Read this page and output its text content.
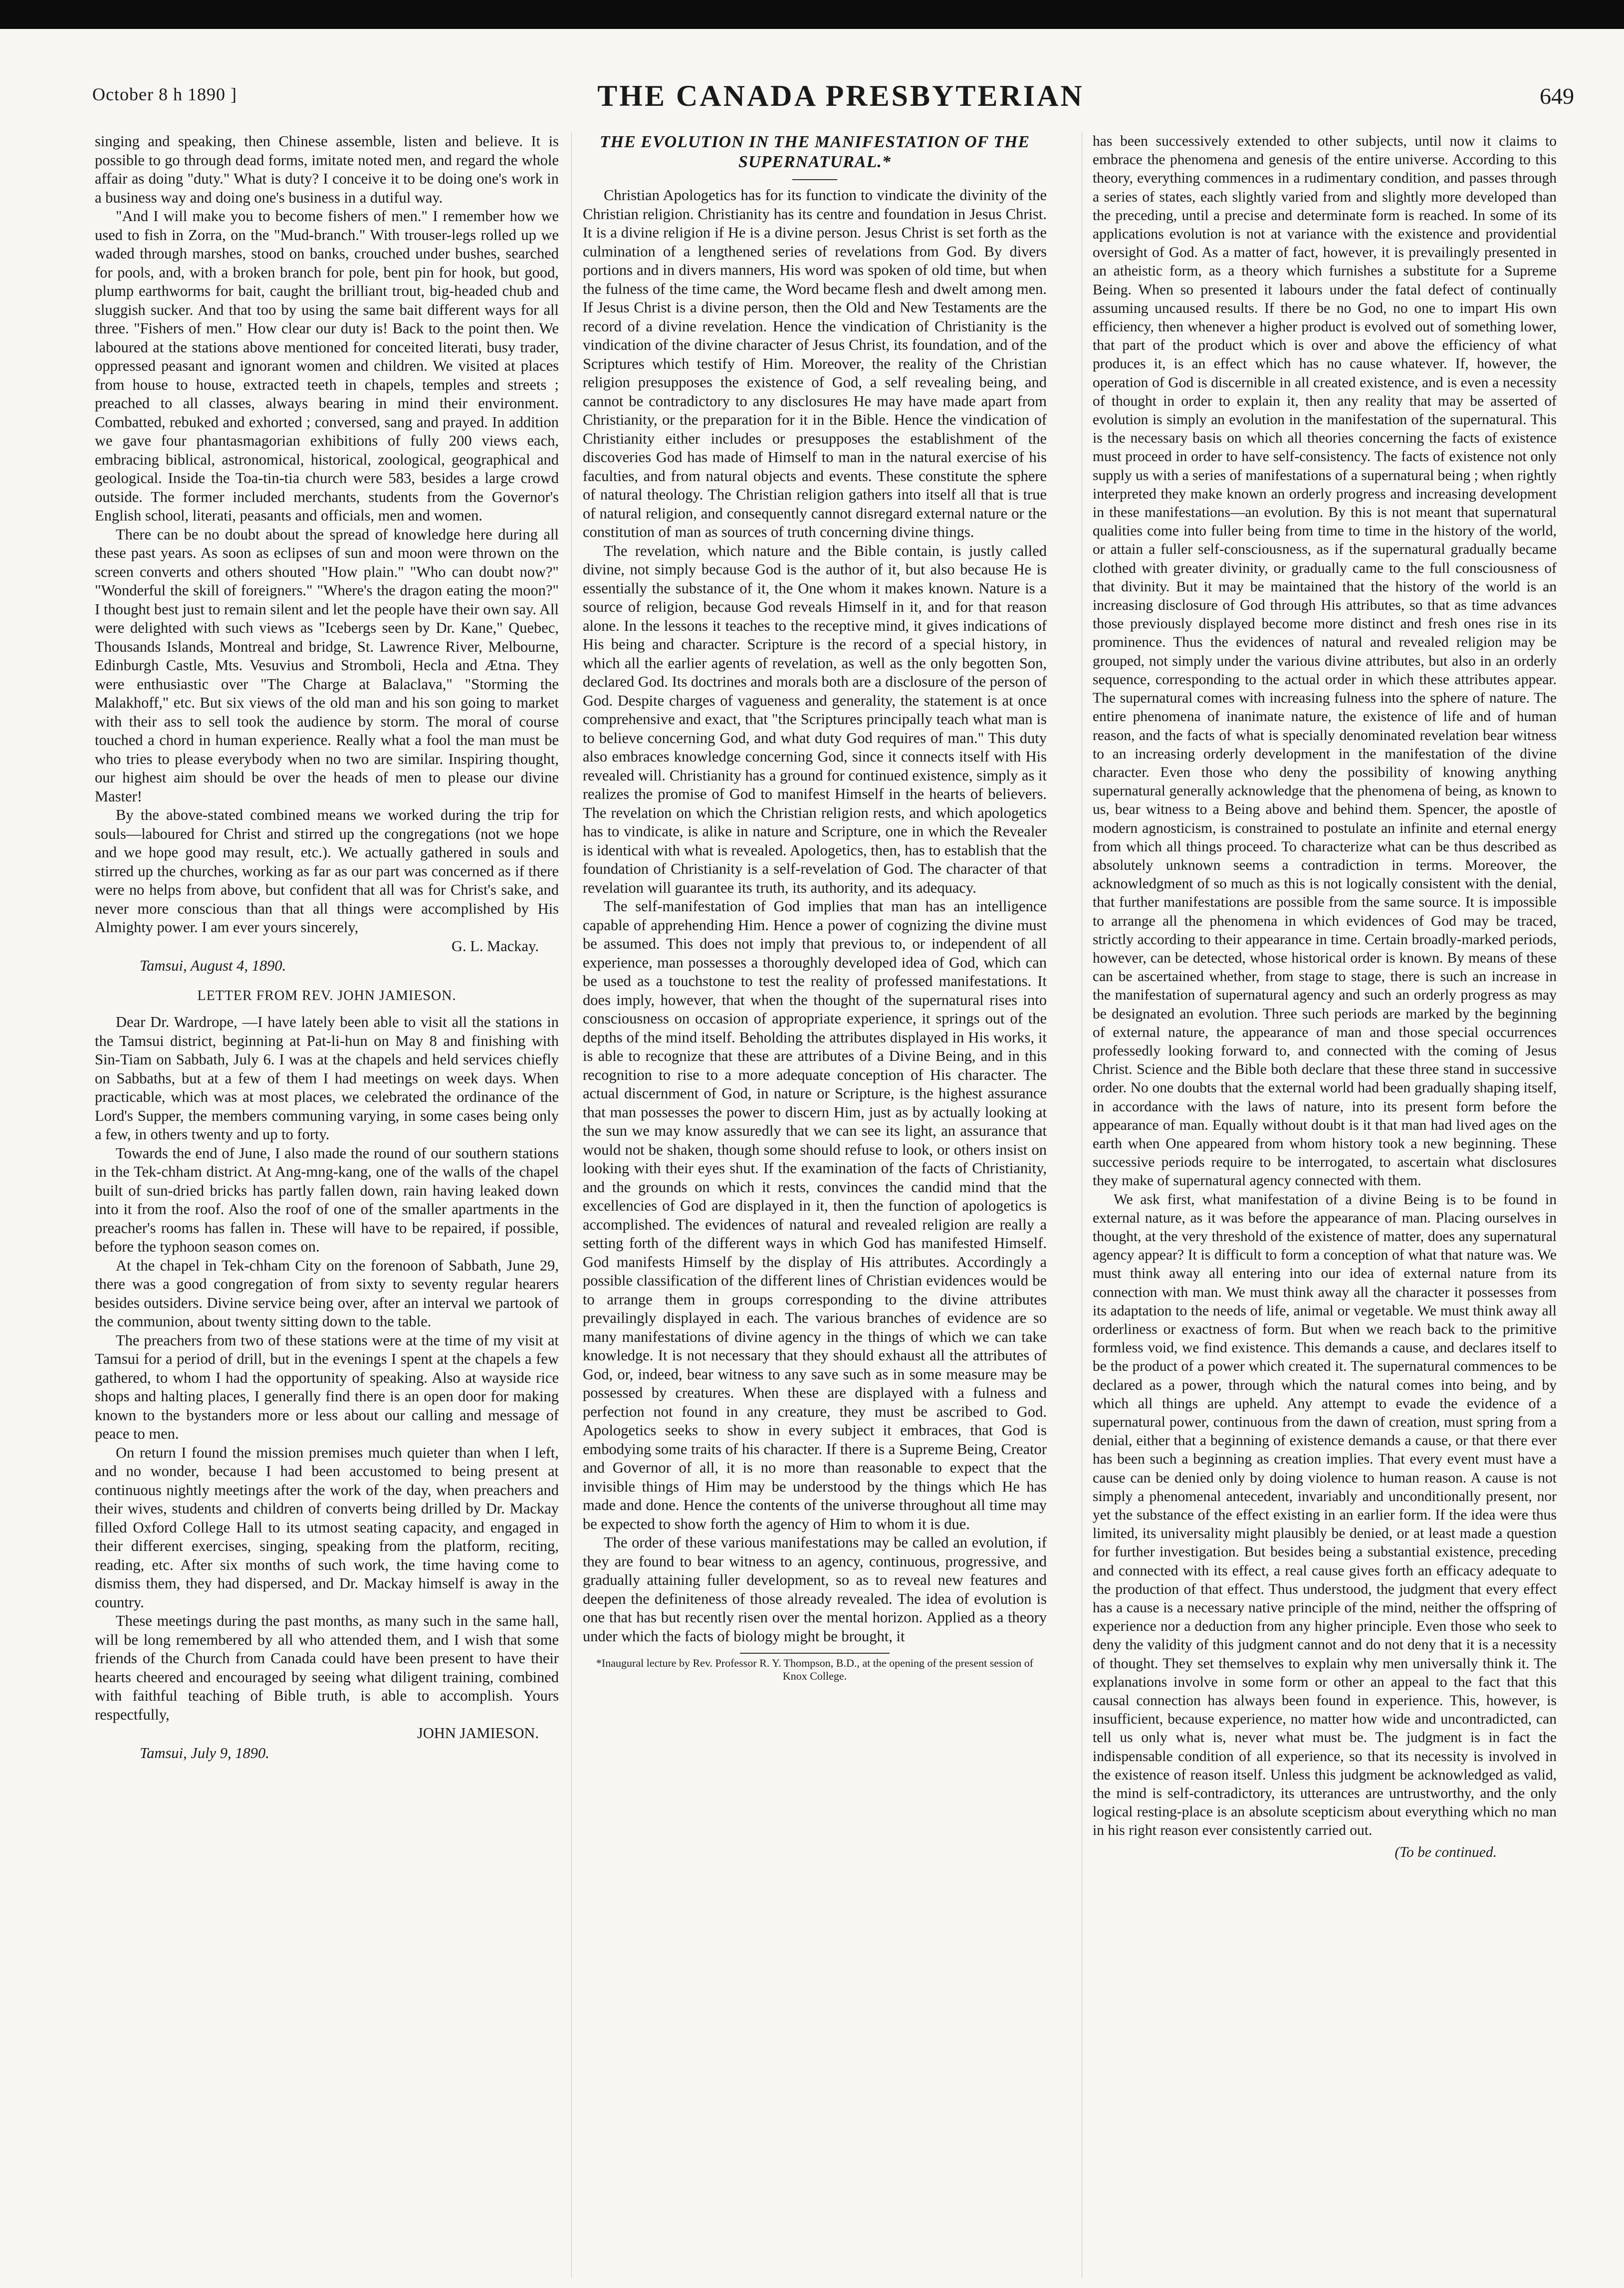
October 8 h 1890 ]	THE CANADA PRESBYTERIAN	649

singing and speaking, then Chinese assemble, listen and believe. It is possible to go through dead forms, imitate noted men, and regard the whole affair as doing "duty." What is duty? I conceive it to be doing one's work in a business way and doing one's business in a dutiful way.

"And I will make you to become fishers of men." I remember how we used to fish in Zorra, on the "Mud-branch." With trouser-legs rolled up we waded through marshes, stood on banks, crouched under bushes, searched for pools, and, with a broken branch for pole, bent pin for hook, but good, plump earthworms for bait, caught the brilliant trout, big-headed chub and sluggish sucker. And that too by using the same bait different ways for all three. "Fishers of men." How clear our duty is! Back to the point then. We laboured at the stations above mentioned for conceited literati, busy trader, oppressed peasant and ignorant women and children. We visited at places from house to house, extracted teeth in chapels, temples and streets ; preached to all classes, always bearing in mind their environment. Combatted, rebuked and exhorted ; conversed, sang and prayed. In addition we gave four phantasmagorian exhibitions of fully 200 views each, embracing biblical, astronomical, historical, zoological, geographical and geological. Inside the Toa-tin-tia church were 583, besides a large crowd outside. The former included merchants, students from the Governor's English school, literati, peasants and officials, men and women.

There can be no doubt about the spread of knowledge here during all these past years. As soon as eclipses of sun and moon were thrown on the screen converts and others shouted "How plain." "Who can doubt now?" "Wonderful the skill of foreigners." "Where's the dragon eating the moon?" I thought best just to remain silent and let the people have their own say. All were delighted with such views as "Icebergs seen by Dr. Kane," Quebec, Thousands Islands, Montreal and bridge, St. Lawrence River, Melbourne, Edinburgh Castle, Mts. Vesuvius and Stromboli, Hecla and Ætna. They were enthusiastic over "The Charge at Balaclava," "Storming the Malakhoff," etc. But six views of the old man and his son going to market with their ass to sell took the audience by storm. The moral of course touched a chord in human experience. Really what a fool the man must be who tries to please everybody when no two are similar. Inspiring thought, our highest aim should be over the heads of men to please our divine Master!

By the above-stated combined means we worked during the trip for souls—laboured for Christ and stirred up the congregations (not we hope and we hope good may result, etc.). We actually gathered in souls and stirred up the churches, working as far as our part was concerned as if there were no helps from above, but confident that all was for Christ's sake, and never more conscious than that all things were accomplished by His Almighty power. I am ever yours sincerely,

G. L. Mackay.

Tamsui, August 4, 1890.

LETTER FROM REV. JOHN JAMIESON.

Dear Dr. Wardrope, —I have lately been able to visit all the stations in the Tamsui district, beginning at Pat-li-hun on May 8 and finishing with Sin-Tiam on Sabbath, July 6. I was at the chapels and held services chiefly on Sabbaths, but at a few of them I had meetings on week days. When practicable, which was at most places, we celebrated the ordinance of the Lord's Supper, the members communing varying, in some cases being only a few, in others twenty and up to forty.

Towards the end of June, I also made the round of our southern stations in the Tek-chham district. At Ang-mng-kang, one of the walls of the chapel built of sun-dried bricks has partly fallen down, rain having leaked down into it from the roof. Also the roof of one of the smaller apartments in the preacher's rooms has fallen in. These will have to be repaired, if possible, before the typhoon season comes on.

At the chapel in Tek-chham City on the forenoon of Sabbath, June 29, there was a good congregation of from sixty to seventy regular hearers besides outsiders. Divine service being over, after an interval we partook of the communion, about twenty sitting down to the table.

The preachers from two of these stations were at the time of my visit at Tamsui for a period of drill, but in the evenings I spent at the chapels a few gathered, to whom I had the opportunity of speaking. Also at wayside rice shops and halting places, I generally find there is an open door for making known to the bystanders more or less about our calling and message of peace to men.

On return I found the mission premises much quieter than when I left, and no wonder, because I had been accustomed to being present at continuous nightly meetings after the work of the day, when preachers and their wives, students and children of converts being drilled by Dr. Mackay filled Oxford College Hall to its utmost seating capacity, and engaged in their different exercises, singing, speaking from the platform, reciting, reading, etc. After six months of such work, the time having come to dismiss them, they had dispersed, and Dr. Mackay himself is away in the country.

These meetings during the past months, as many such in the same hall, will be long remembered by all who attended them, and I wish that some friends of the Church from Canada could have been present to have their hearts cheered and encouraged by seeing what diligent training, combined with faithful teaching of Bible truth, is able to accomplish. Yours respectfully,

JOHN JAMIESON.

Tamsui, July 9, 1890.

THE EVOLUTION IN THE MANIFESTATION OF THE SUPERNATURAL.*

Christian Apologetics has for its function to vindicate the divinity of the Christian religion. Christianity has its centre and foundation in Jesus Christ. It is a divine religion if He is a divine person. Jesus Christ is set forth as the culmination of a lengthened series of revelations from God. By divers portions and in divers manners, His word was spoken of old time, but when the fulness of the time came, the Word became flesh and dwelt among men. If Jesus Christ is a divine person, then the Old and New Testaments are the record of a divine revelation. Hence the vindication of Christianity is the vindication of the divine character of Jesus Christ, its foundation, and of the Scriptures which testify of Him. Moreover, the reality of the Christian religion presupposes the existence of God, a self revealing being, and cannot be contradictory to any disclosures He may have made apart from Christianity, or the preparation for it in the Bible. Hence the vindication of Christianity either includes or presupposes the establishment of the discoveries God has made of Himself to man in the natural exercise of his faculties, and from natural objects and events. These constitute the sphere of natural theology. The Christian religion gathers into itself all that is true of natural religion, and consequently cannot disregard external nature or the constitution of man as sources of truth concerning divine things.

The revelation, which nature and the Bible contain, is justly called divine, not simply because God is the author of it, but also because He is essentially the substance of it, the One whom it makes known. Nature is a source of religion, because God reveals Himself in it, and for that reason alone. In the lessons it teaches to the receptive mind, it gives indications of His being and character. Scripture is the record of a special history, in which all the earlier agents of revelation, as well as the only begotten Son, declared God. Its doctrines and morals both are a disclosure of the person of God. Despite charges of vagueness and generality, the statement is at once comprehensive and exact, that "the Scriptures principally teach what man is to believe concerning God, and what duty God requires of man." This duty also embraces knowledge concerning God, since it connects itself with His revealed will. Christianity has a ground for continued existence, simply as it realizes the promise of God to manifest Himself in the hearts of believers. The revelation on which the Christian religion rests, and which apologetics has to vindicate, is alike in nature and Scripture, one in which the Revealer is identical with what is revealed. Apologetics, then, has to establish that the foundation of Christianity is a self-revelation of God. The character of that revelation will guarantee its truth, its authority, and its adequacy.

The self-manifestation of God implies that man has an intelligence capable of apprehending Him. Hence a power of cognizing the divine must be assumed. This does not imply that previous to, or independent of all experience, man possesses a thoroughly developed idea of God, which can be used as a touchstone to test the reality of professed manifestations. It does imply, however, that when the thought of the supernatural rises into consciousness on occasion of appropriate experience, it springs out of the depths of the mind itself. Beholding the attributes displayed in His works, it is able to recognize that these are attributes of a Divine Being, and in this recognition to rise to a more adequate conception of His character. The actual discernment of God, in nature or Scripture, is the highest assurance that man possesses the power to discern Him, just as by actually looking at the sun we may know assuredly that we can see its light, an assurance that would not be shaken, though some should refuse to look, or others insist on looking with their eyes shut. If the examination of the facts of Christianity, and the grounds on which it rests, convinces the candid mind that the excellencies of God are displayed in it, then the function of apologetics is accomplished. The evidences of natural and revealed religion are really a setting forth of the different ways in which God has manifested Himself. God manifests Himself by the display of His attributes. Accordingly a possible classification of the different lines of Christian evidences would be to arrange them in groups corresponding to the divine attributes prevailingly displayed in each. The various branches of evidence are so many manifestations of divine agency in the things of which we can take knowledge. It is not necessary that they should exhaust all the attributes of God, or, indeed, bear witness to any save such as in some measure may be possessed by creatures. When these are displayed with a fulness and perfection not found in any creature, they must be ascribed to God. Apologetics seeks to show in every subject it embraces, that God is embodying some traits of his character. If there is a Supreme Being, Creator and Governor of all, it is no more than reasonable to expect that the invisible things of Him may be understood by the things which He has made and done. Hence the contents of the universe throughout all time may be expected to show forth the agency of Him to whom it is due.

The order of these various manifestations may be called an evolution, if they are found to bear witness to an agency, continuous, progressive, and gradually attaining fuller development, so as to reveal new features and deepen the definiteness of those already revealed. The idea of evolution is one that has but recently risen over the mental horizon. Applied as a theory under which the facts of biology might be brought, it

*Inaugural lecture by Rev. Professor R. Y. Thompson, B.D., at the opening of the present session of Knox College.

has been successively extended to other subjects, until now it claims to embrace the phenomena and genesis of the entire universe. According to this theory, everything commences in a rudimentary condition, and passes through a series of states, each slightly varied from and slightly more developed than the preceding, until a precise and determinate form is reached. In some of its applications evolution is not at variance with the existence and providential oversight of God. As a matter of fact, however, it is prevailingly presented in an atheistic form, as a theory which furnishes a substitute for a Supreme Being. When so presented it labours under the fatal defect of continually assuming uncaused results. If there be no God, no one to impart His own efficiency, then whenever a higher product is evolved out of something lower, that part of the product which is over and above the efficiency of what produces it, is an effect which has no cause whatever. If, however, the operation of God is discernible in all created existence, and is even a necessity of thought in order to explain it, then any reality that may be asserted of evolution is simply an evolution in the manifestation of the supernatural. This is the necessary basis on which all theories concerning the facts of existence must proceed in order to have self-consistency. The facts of existence not only supply us with a series of manifestations of a supernatural being ; when rightly interpreted they make known an orderly progress and increasing development in these manifestations—an evolution. By this is not meant that supernatural qualities come into fuller being from time to time in the history of the world, or attain a fuller self-consciousness, as if the supernatural gradually became clothed with greater divinity, or gradually came to the full consciousness of that divinity. But it may be maintained that the history of the world is an increasing disclosure of God through His attributes, so that as time advances those previously displayed become more distinct and fresh ones rise in its prominence. Thus the evidences of natural and revealed religion may be grouped, not simply under the various divine attributes, but also in an orderly sequence, corresponding to the actual order in which these attributes appear. The supernatural comes with increasing fulness into the sphere of nature. The entire phenomena of inanimate nature, the existence of life and of human reason, and the facts of what is specially denominated revelation bear witness to an increasing orderly development in the manifestation of the divine character. Even those who deny the possibility of knowing anything supernatural generally acknowledge that the phenomena of being, as known to us, bear witness to a Being above and behind them. Spencer, the apostle of modern agnosticism, is constrained to postulate an infinite and eternal energy from which all things proceed. To characterize what can be thus described as absolutely unknown seems a contradiction in terms. Moreover, the acknowledgment of so much as this is not logically consistent with the denial, that further manifestations are possible from the same source. It is impossible to arrange all the phenomena in which evidences of God may be traced, strictly according to their appearance in time. Certain broadly-marked periods, however, can be detected, whose historical order is known. By means of these can be ascertained whether, from stage to stage, there is such an increase in the manifestation of supernatural agency and such an orderly progress as may be designated an evolution. Three such periods are marked by the beginning of external nature, the appearance of man and those special occurrences professedly looking forward to, and connected with the coming of Jesus Christ. Science and the Bible both declare that these three stand in successive order. No one doubts that the external world had been gradually shaping itself, in accordance with the laws of nature, into its present form before the appearance of man. Equally without doubt is it that man had lived ages on the earth when One appeared from whom history took a new beginning. These successive periods require to be interrogated, to ascertain what disclosures they make of supernatural agency connected with them.

We ask first, what manifestation of a divine Being is to be found in external nature, as it was before the appearance of man. Placing ourselves in thought, at the very threshold of the existence of matter, does any supernatural agency appear? It is difficult to form a conception of what that nature was. We must think away all entering into our idea of external nature from its connection with man. We must think away all the character it possesses from its adaptation to the needs of life, animal or vegetable. We must think away all orderliness or exactness of form. But when we reach back to the primitive formless void, we find existence. This demands a cause, and declares itself to be the product of a power which created it. The supernatural commences to be declared as a power, through which the natural comes into being, and by which all things are upheld. Any attempt to evade the evidence of a supernatural power, continuous from the dawn of creation, must spring from a denial, either that a beginning of existence demands a cause, or that there ever has been such a beginning as creation implies. That every event must have a cause can be denied only by doing violence to human reason. A cause is not simply a phenomenal antecedent, invariably and unconditionally present, nor yet the substance of the effect existing in an earlier form. If the idea were thus limited, its universality might plausibly be denied, or at least made a question for further investigation. But besides being a substantial existence, preceding and connected with its effect, a real cause gives forth an efficacy adequate to the production of that effect. Thus understood, the judgment that every effect has a cause is a necessary native principle of the mind, neither the offspring of experience nor a deduction from any higher principle. Even those who seek to deny the validity of this judgment cannot and do not deny that it is a necessity of thought. They set themselves to explain why men universally think it. The explanations involve in some form or other an appeal to the fact that this causal connection has always been found in experience. This, however, is insufficient, because experience, no matter how wide and uncontradicted, can tell us only what is, never what must be. The judgment is in fact the indispensable condition of all experience, so that its necessity is involved in the existence of reason itself. Unless this judgment be acknowledged as valid, the mind is self-contradictory, its utterances are untrustworthy, and the only logical resting-place is an absolute scepticism about everything which no man in his right reason ever consistently carried out.

(To be continued.
